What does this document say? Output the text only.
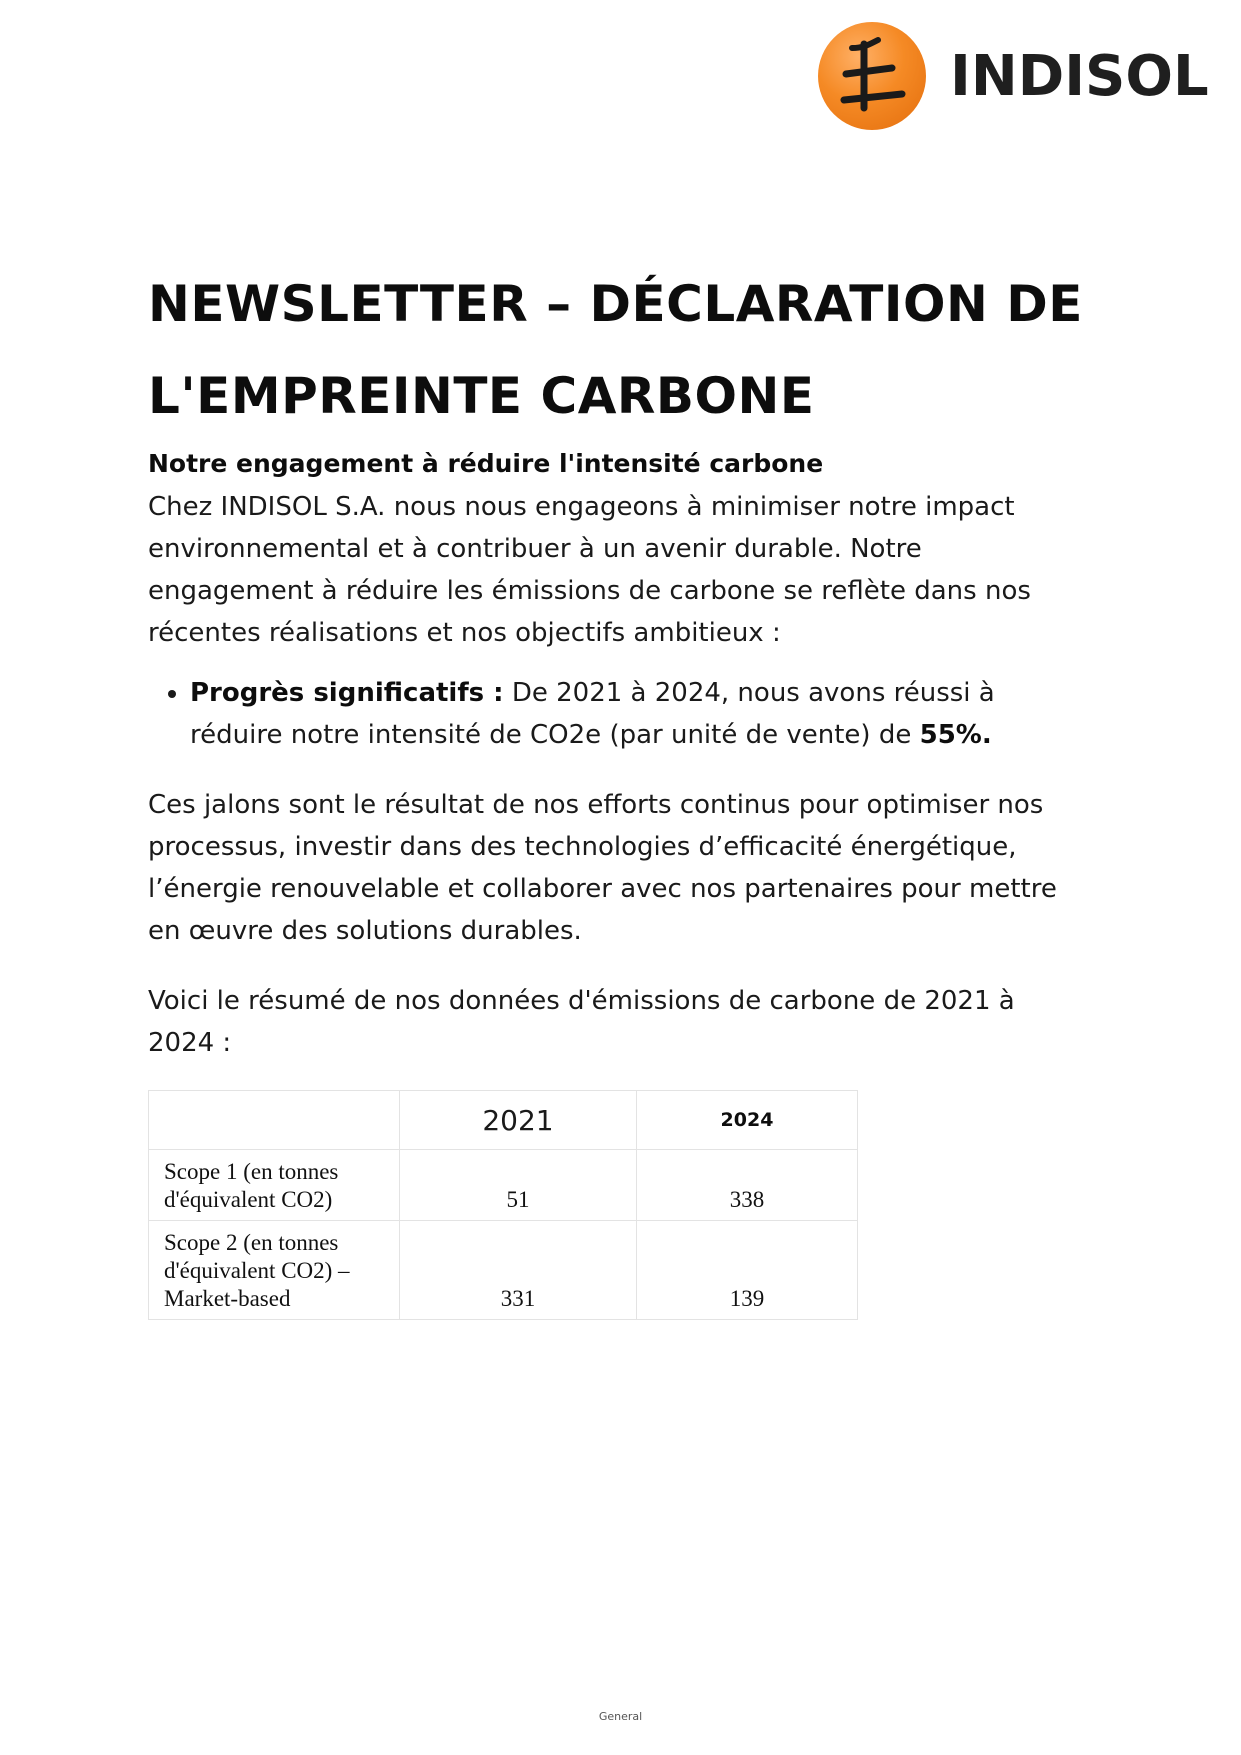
INDISOL
NEWSLETTER – DÉCLARATION DE
L'EMPREINTE CARBONE
Notre engagement à réduire l'intensité carbone

Chez INDISOL S.A. nous nous engageons à minimiser notre impact environnemental et à contribuer à un avenir durable. Notre engagement à réduire les émissions de carbone se reflète dans nos récentes réalisations et nos objectifs ambitieux :

• Progrès significatifs : De 2021 à 2024, nous avons réussi à réduire notre intensité de CO2e (par unité de vente) de 55%.

Ces jalons sont le résultat de nos efforts continus pour optimiser nos processus, investir dans des technologies d’efficacité énergétique, l’énergie renouvelable et collaborer avec nos partenaires pour mettre en œuvre des solutions durables.

Voici le résumé de nos données d'émissions de carbone de 2021 à 2024 :

	2021	2024
Scope 1 (en tonnes d'équivalent CO2)	51	338
Scope 2 (en tonnes d'équivalent CO2) – Market-based	331	139
General
